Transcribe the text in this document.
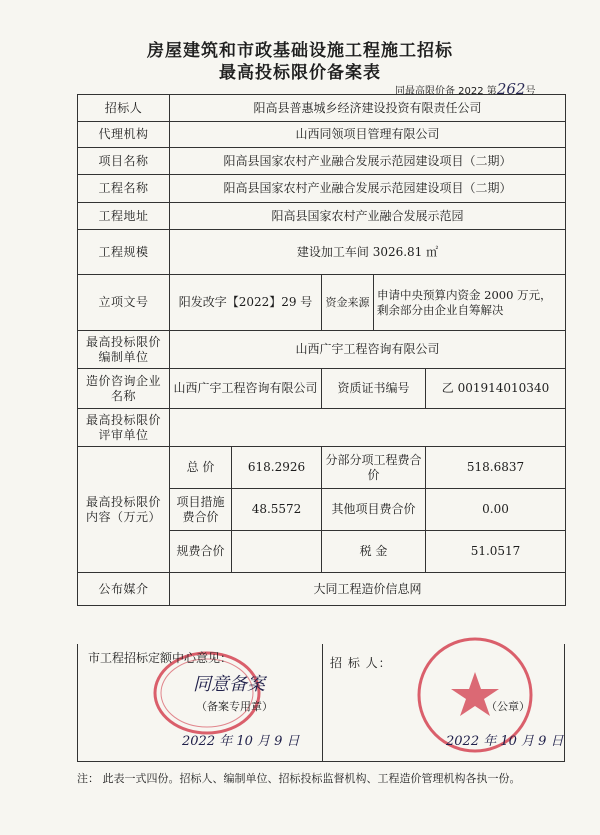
房屋建筑和市政基础设施工程施工招标
最高投标限价备案表
同最高限价备 2022 第262号
招标人	阳高县普惠城乡经济建设投资有限责任公司				
代理机构	山西同领项目管理有限公司				
项目名称	阳高县国家农村产业融合发展示范园建设项目（二期）				
工程名称	阳高县国家农村产业融合发展示范园建设项目（二期）				
工程地址	阳高县国家农村产业融合发展示范园				
工程规模	建设加工车间 3026.81 ㎡				
立项文号	阳发改字【2022】29 号		资金来源	申请中央预算内资金 2000 万元，剩余部分由企业自筹解决	
最高投标限价编制单位	山西广宇工程咨询有限公司				
造价咨询企业名称	山西广宇工程咨询有限公司		资质证书编号		乙 001914010340
最高投标限价评审单位					
最高投标限价内容（万元）	总 价	618.2926	分部分项工程费合价		518.6837
	项目措施费合价	48.5572	其他项目费合价		0.00
	规费合价		税 金		51.0517
公布媒介	大同工程造价信息网				
市工程招标定额中心意见：
同意备案
（备案专用章）
2022 年 10 月 9 日
招 标 人：
（公章）
2022 年 10 月 9 日
注： 此表一式四份。招标人、编制单位、招标投标监督机构、工程造价管理机构各执一份。
